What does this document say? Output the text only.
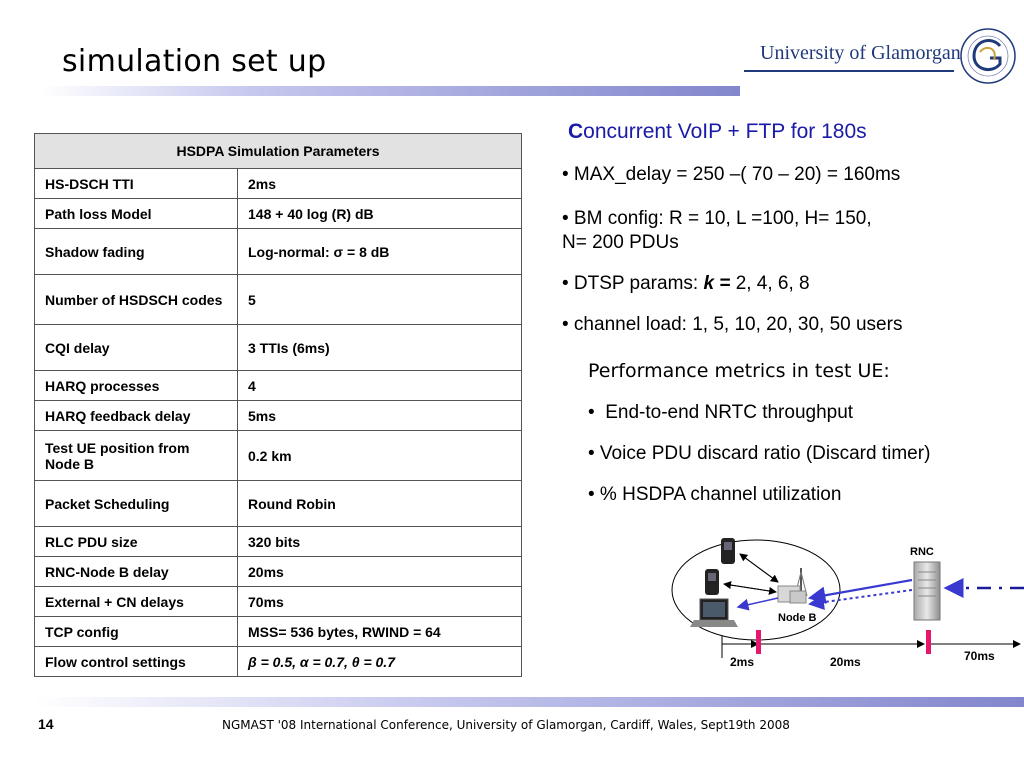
simulation set up	University of Glamorgan
HSDPA Simulation Parameters	
HS-DSCH TTI	2ms
Path loss Model	148 + 40 log (R) dB
Shadow fading	Log-normal: σ = 8 dB
Number of HSDSCH codes	5
CQI delay	3 TTIs (6ms)
HARQ processes	4
HARQ feedback delay	5ms
Test UE position from Node B	0.2 km
Packet Scheduling	Round Robin
RLC PDU size	320 bits
RNC-Node B delay	20ms
External + CN delays	70ms
TCP config	MSS= 536 bytes, RWIND = 64
Flow control settings	β = 0.5, α = 0.7, θ = 0.7
Concurrent VoIP + FTP for 180s
• MAX_delay = 250 –( 70 – 20) = 160ms
• BM config: R = 10, L =100, H= 150,
N= 200 PDUs
• DTSP params: k = 2, 4, 6, 8
• channel load: 1, 5, 10, 20, 30, 50 users
Performance metrics in test UE:
•  End-to-end NRTC throughput
• Voice PDU discard ratio (Discard timer)
• % HSDPA channel utilization
RNC
Node B
2ms	20ms	70ms
14	NGMAST '08 International Conference, University of Glamorgan, Cardiff, Wales, Sept19th 2008
